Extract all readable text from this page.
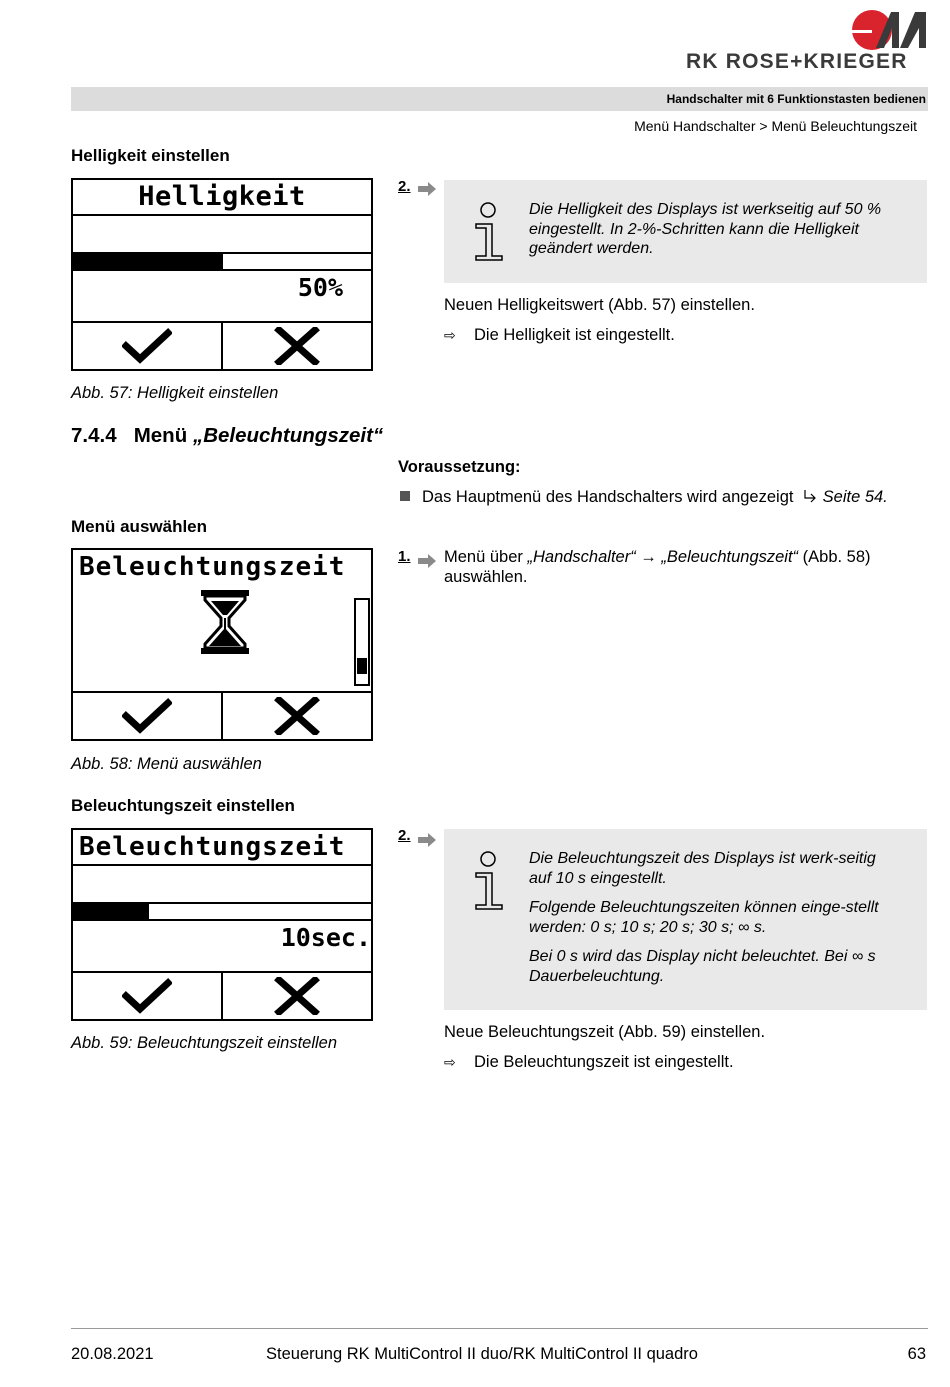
RK ROSE+KRIEGER
Handschalter mit 6 Funktionstasten bedienen
Menü Handschalter > Menü Beleuchtungszeit
Helligkeit einstellen
Helligkeit
50%
Abb. 57: Helligkeit einstellen
2.

Die Helligkeit des Displays ist werkseitig auf 50 % eingestellt. In 2-%-Schritten kann die Helligkeit geändert werden.

Neuen Helligkeitswert (Abb. 57) einstellen.
⇨ Die Helligkeit ist eingestellt.
7.4.4 Menü „Beleuchtungszeit“
Voraussetzung:
Das Hauptmenü des Handschalters wird angezeigt Seite 54.
Menü auswählen
Beleuchtungszeit
Abb. 58: Menü auswählen
1. Menü über „Handschalter“ → „Beleuchtungszeit“ (Abb. 58) auswählen.
Beleuchtungszeit einstellen
Beleuchtungszeit
10sec.
Abb. 59: Beleuchtungszeit einstellen
2.

Die Beleuchtungszeit des Displays ist werk-seitig auf 10 s eingestellt.

Folgende Beleuchtungszeiten können einge-stellt werden: 0 s; 10 s; 20 s; 30 s; ∞ s.

Bei 0 s wird das Display nicht beleuchtet. Bei ∞ s Dauerbeleuchtung.

Neue Beleuchtungszeit (Abb. 59) einstellen.
⇨ Die Beleuchtungszeit ist eingestellt.
20.08.2021	Steuerung RK MultiControl II duo/RK MultiControl II quadro	63
